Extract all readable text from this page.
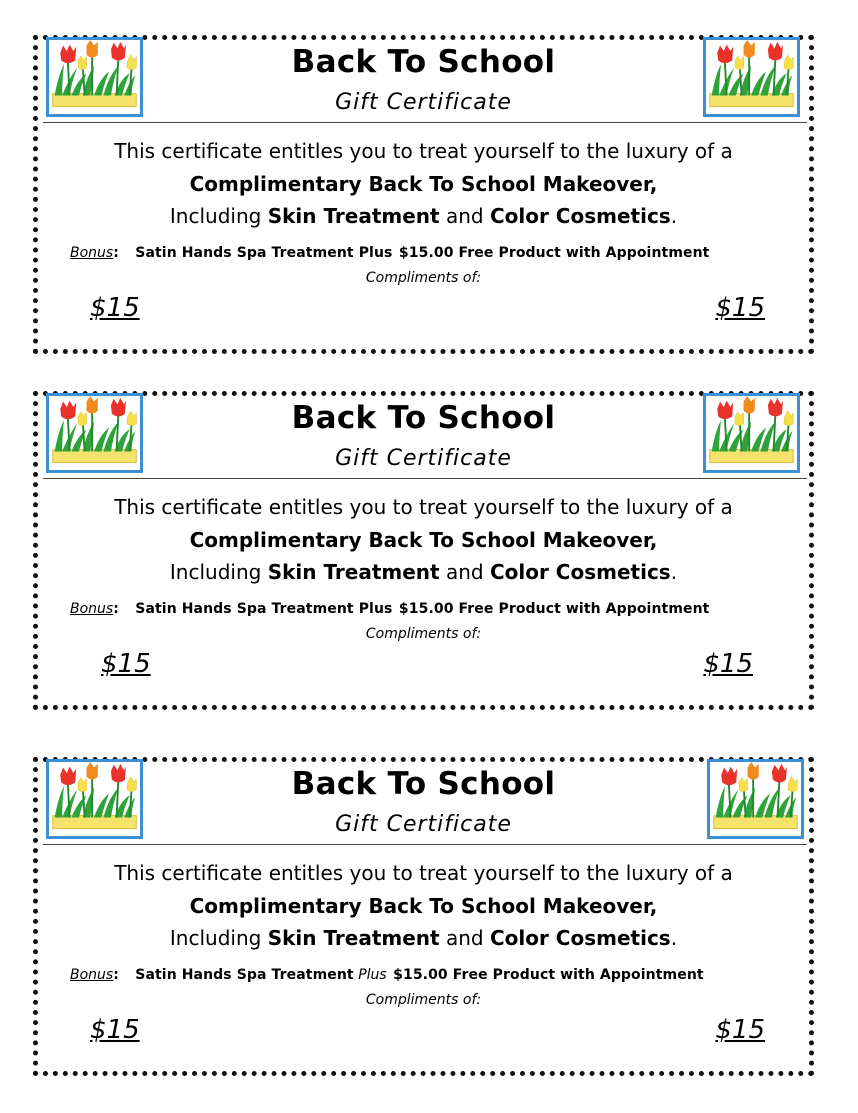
Back To School
Gift Certificate
This certificate entitles you to treat yourself to the luxury of a
Complimentary Back To School Makeover,
Including Skin Treatment and Color Cosmetics.
Bonus: Satin Hands Spa Treatment Plus $15.00 Free Product with Appointment
Compliments of:
$15	$15
Back To School
Gift Certificate
This certificate entitles you to treat yourself to the luxury of a
Complimentary Back To School Makeover,
Including Skin Treatment and Color Cosmetics.
Bonus: Satin Hands Spa Treatment Plus $15.00 Free Product with Appointment
Compliments of:
$15	$15
Back To School
Gift Certificate
This certificate entitles you to treat yourself to the luxury of a
Complimentary Back To School Makeover,
Including Skin Treatment and Color Cosmetics.
Bonus: Satin Hands Spa Treatment Plus $15.00 Free Product with Appointment
Compliments of:
$15	$15
